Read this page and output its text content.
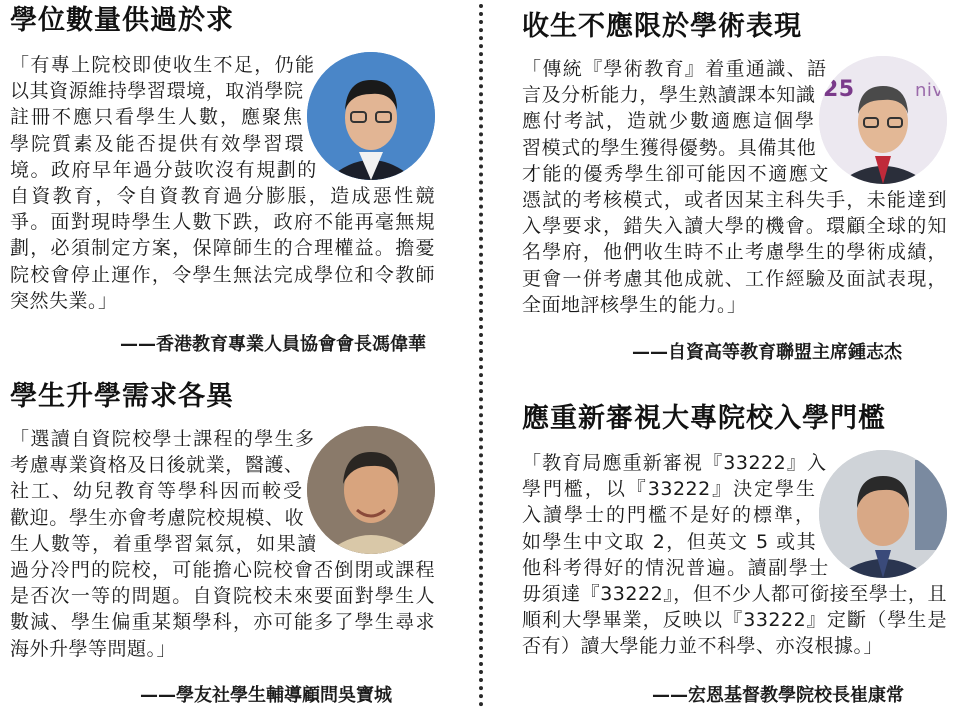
學位數量供過於求
「有專上院校即使收生不足，仍能以其資源維持學習環境，取消學院註冊不應只看學生人數，應聚焦學院質素及能否提供有效學習環境。政府早年過分鼓吹沒有規劃的自資教育，令自資教育過分膨脹，造成惡性競爭。面對現時學生人數下跌，政府不能再毫無規劃，必須制定方案，保障師生的合理權益。擔憂院校會停止運作，令學生無法完成學位和令教師突然失業。」
——香港教育專業人員協會會長馮偉華
學生升學需求各異
「選讀自資院校學士課程的學生多考慮專業資格及日後就業，醫護、社工、幼兒教育等學科因而較受歡迎。學生亦會考慮院校規模、收生人數等，着重學習氣氛，如果讀過分冷門的院校，可能擔心院校會否倒閉或課程是否次一等的問題。自資院校未來要面對學生人數減、學生偏重某類學科，亦可能多了學生尋求海外升學等問題。」
——學友社學生輔導顧問吳寶城
收生不應限於學術表現
25	niv
「傳統『學術教育』着重通識、語言及分析能力，學生熟讀課本知識應付考試，造就少數適應這個學習模式的學生獲得優勢。具備其他才能的優秀學生卻可能因不適應文憑試的考核模式，或者因某主科失手，未能達到入學要求，錯失入讀大學的機會。環顧全球的知名學府，他們收生時不止考慮學生的學術成績，更會一併考慮其他成就、工作經驗及面試表現，全面地評核學生的能力。」
——自資高等教育聯盟主席鍾志杰
應重新審視大專院校入學門檻
「教育局應重新審視『33222』入學門檻，以『33222』決定學生入讀學士的門檻不是好的標準，如學生中文取 2，但英文 5 或其他科考得好的情況普遍。讀副學士毋須達『33222』，但不少人都可銜接至學士，且順利大學畢業，反映以『33222』定斷（學生是否有）讀大學能力並不科學、亦沒根據。」
——宏恩基督教學院校長崔康常
